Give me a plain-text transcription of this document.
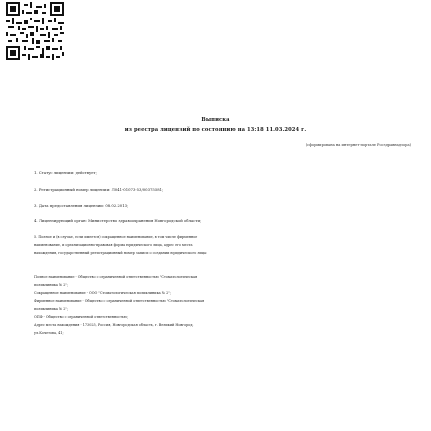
Выписка
из реестра лицензий по состоянию на 13:18 11.03.2024 г.
(сформирована на интернет-портале Росздравнадзора)
1. Статус лицензии: действует;
2. Регистрационный номер лицензии: Л041-01073-53/00375581;
3. Дата предоставления лицензии: 08.02.2013;
4. Лицензирующий орган: Министерство здравоохранения Новгородской области;
5. Полное и (в случае, если имеется) сокращенное наименование, в том числе фирменное
наименование, и организационно-правовая форма юридического лица, адрес его места
нахождения, государственный регистрационный номер записи о создании юридического лица:
Полное наименование - Общество с ограниченной ответственностью "Стоматологическая
поликлиника № 2";
Сокращенное наименование - ООО "Стоматологическая поликлиника № 2";
Фирменное наименование - Общество с ограниченной ответственностью "Стоматологическая
поликлиника № 2";
ОПФ - Общество с ограниченной ответственностью;
Адрес места нахождения - 173025, Россия, Новгородская область, г. Великий Новгород,
ул.Кочетова, 41;
